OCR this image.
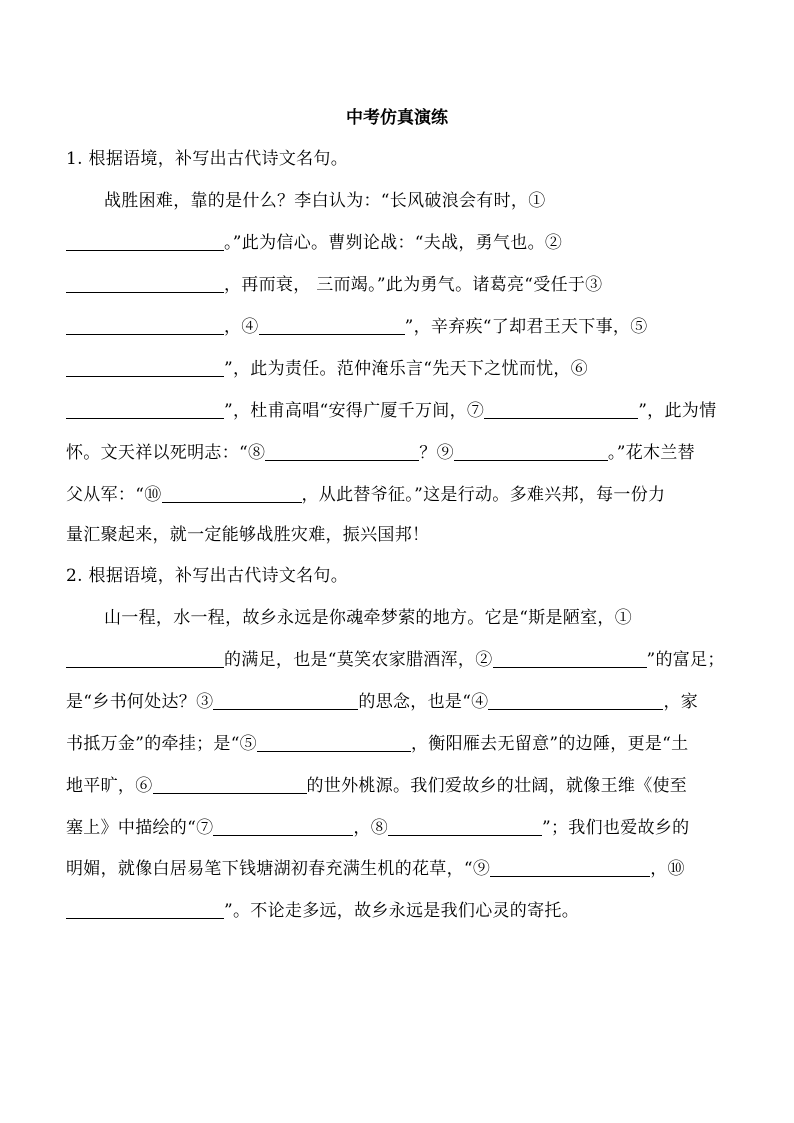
中考仿真演练
1. 根据语境，补写出古代诗文名句。
战胜困难，靠的是什么？李白认为：“长风破浪会有时，①
。”此为信心。曹刿论战：“夫战，勇气也。②
，再而衰， 三而竭。”此为勇气。诸葛亮“受任于③
，④	”，辛弃疾“了却君王天下事，⑤
”，此为责任。范仲淹乐言“先天下之忧而忧，⑥
”，杜甫高唱“安得广厦千万间，⑦	”，此为情
怀。文天祥以死明志：“⑧	？⑨	。”花木兰替
父从军：“⑩	，从此替爷征。”这是行动。多难兴邦，每一份力
量汇聚起来，就一定能够战胜灾难，振兴国邦！
2. 根据语境，补写出古代诗文名句。
山一程，水一程，故乡永远是你魂牵梦萦的地方。它是“斯是陋室，①
的满足，也是“莫笑农家腊酒浑，②	”的富足；
是“乡书何处达？③	的思念，也是“④	，家
书抵万金”的牵挂；是“⑤	，衡阳雁去无留意”的边陲，更是“土
地平旷，⑥	的世外桃源。我们爱故乡的壮阔，就像王维《使至
塞上》中描绘的“⑦	，⑧	”；我们也爱故乡的
明媚，就像白居易笔下钱塘湖初春充满生机的花草，“⑨	，⑩
”。不论走多远，故乡永远是我们心灵的寄托。
